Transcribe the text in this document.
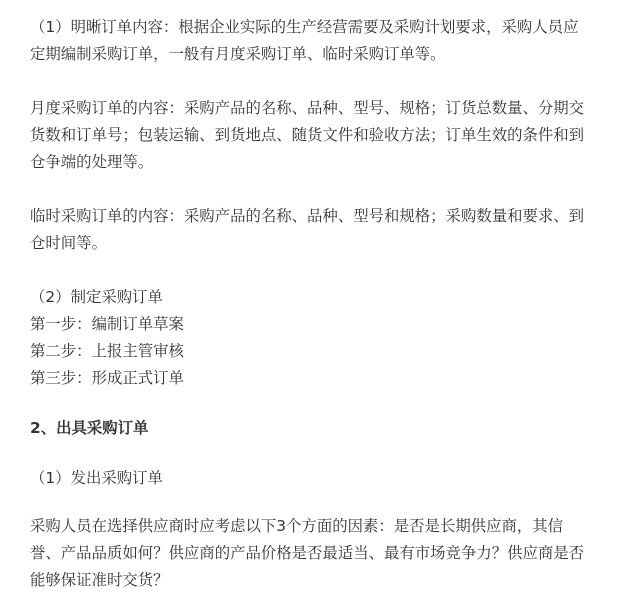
（1）明晰订单内容：根据企业实际的生产经营需要及采购计划要求，采购人员应
定期编制采购订单，一般有月度采购订单、临时采购订单等。

月度采购订单的内容：采购产品的名称、品种、型号、规格；订货总数量、分期交
货数和订单号；包装运输、到货地点、随货文件和验收方法；订单生效的条件和到
仓争端的处理等。

临时采购订单的内容：采购产品的名称、品种、型号和规格；采购数量和要求、到
仓时间等。

（2）制定采购订单
第一步：编制订单草案
第二步：上报主管审核
第三步：形成正式订单

2、出具采购订单

（1）发出采购订单

采购人员在选择供应商时应考虑以下3个方面的因素：是否是长期供应商，其信
誉、产品品质如何？供应商的产品价格是否最适当、最有市场竞争力？供应商是否
能够保证准时交货？
